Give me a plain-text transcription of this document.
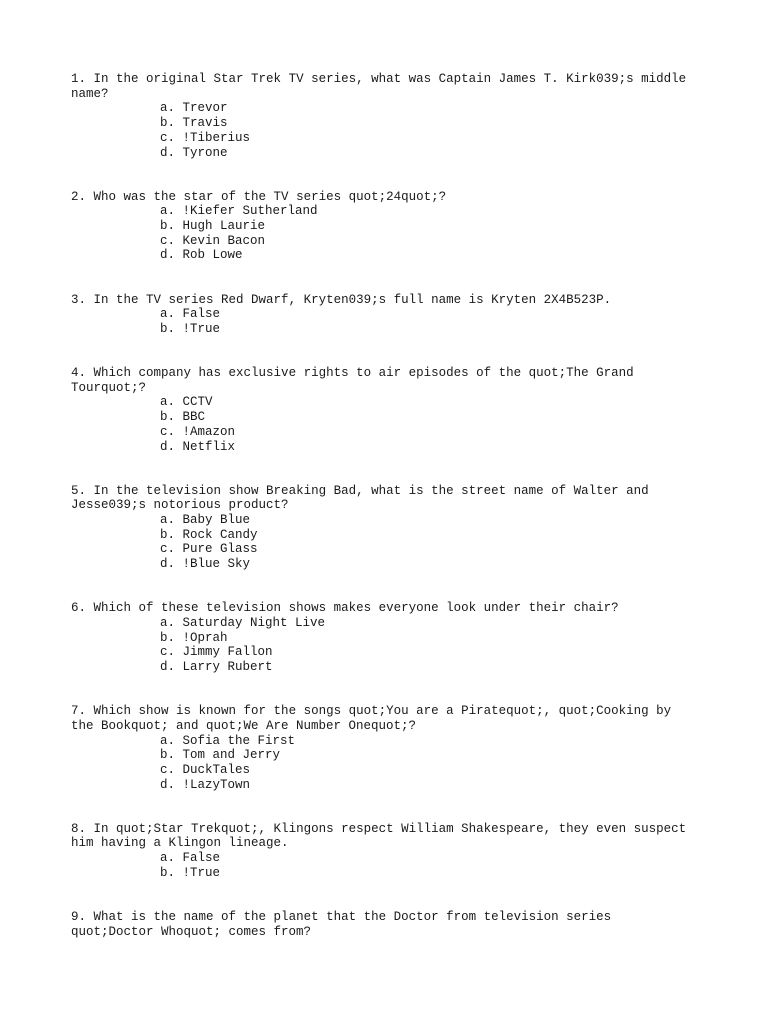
1. In the original Star Trek TV series, what was Captain James T. Kirk039;s middle name?

a. Trevor
b. Travis
c. !Tiberius
d. Tyrone

2. Who was the star of the TV series quot;24quot;?

a. !Kiefer Sutherland
b. Hugh Laurie
c. Kevin Bacon
d. Rob Lowe

3. In the TV series Red Dwarf, Kryten039;s full name is Kryten 2X4B523P.

a. False
b. !True

4. Which company has exclusive rights to air episodes of the quot;The Grand Tourquot;?

a. CCTV
b. BBC
c. !Amazon
d. Netflix

5. In the television show Breaking Bad, what is the street name of Walter and Jesse039;s notorious product?

a. Baby Blue
b. Rock Candy
c. Pure Glass
d. !Blue Sky

6. Which of these television shows makes everyone look under their chair?

a. Saturday Night Live
b. !Oprah
c. Jimmy Fallon
d. Larry Rubert

7. Which show is known for the songs quot;You are a Piratequot;, quot;Cooking by the Bookquot; and quot;We Are Number Onequot;?

a. Sofia the First
b. Tom and Jerry
c. DuckTales
d. !LazyTown

8. In quot;Star Trekquot;, Klingons respect William Shakespeare, they even suspect him having a Klingon lineage.

a. False
b. !True

9. What is the name of the planet that the Doctor from television series quot;Doctor Whoquot; comes from?
